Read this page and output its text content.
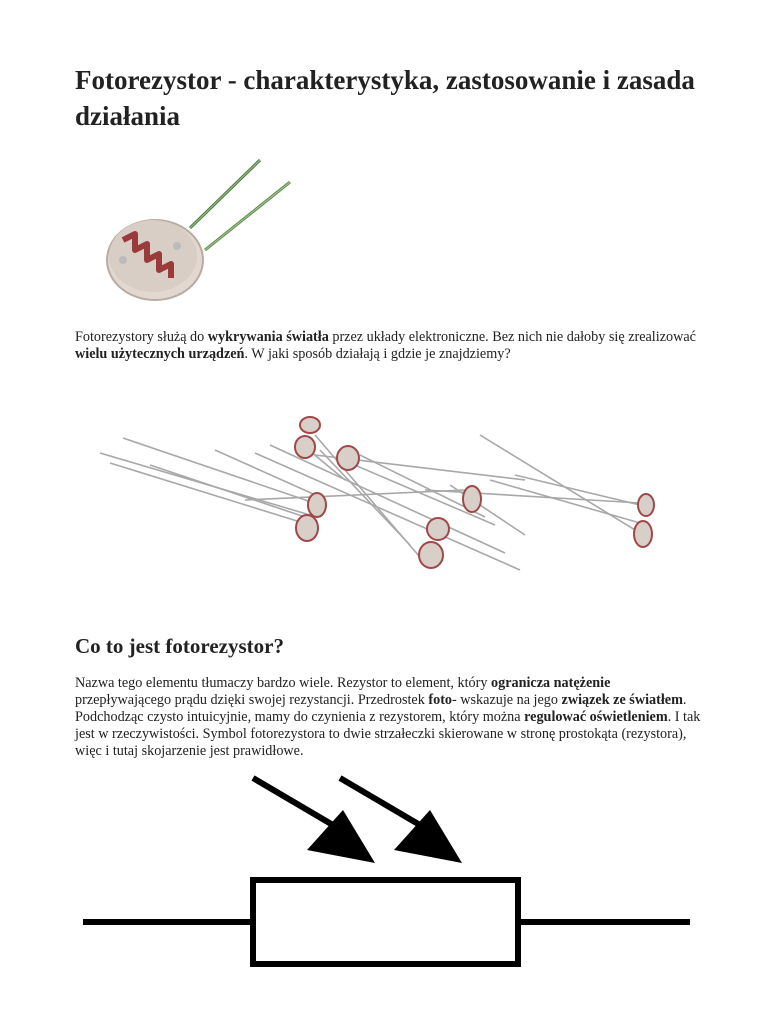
Fotorezystor - charakterystyka, zastosowanie i zasada działania

Fotorezystory służą do wykrywania światła przez układy elektroniczne. Bez nich nie dałoby się zrealizować wielu użytecznych urządzeń. W jaki sposób działają i gdzie je znajdziemy?

Co to jest fotorezystor?

Nazwa tego elementu tłumaczy bardzo wiele. Rezystor to element, który ogranicza natężenie przepływającego prądu dzięki swojej rezystancji. Przedrostek foto- wskazuje na jego związek ze światłem. Podchodząc czysto intuicyjnie, mamy do czynienia z rezystorem, który można regulować oświetleniem. I tak jest w rzeczywistości. Symbol fotorezystora to dwie strzałeczki skierowane w stronę prostokąta (rezystora), więc i tutaj skojarzenie jest prawidłowe.
